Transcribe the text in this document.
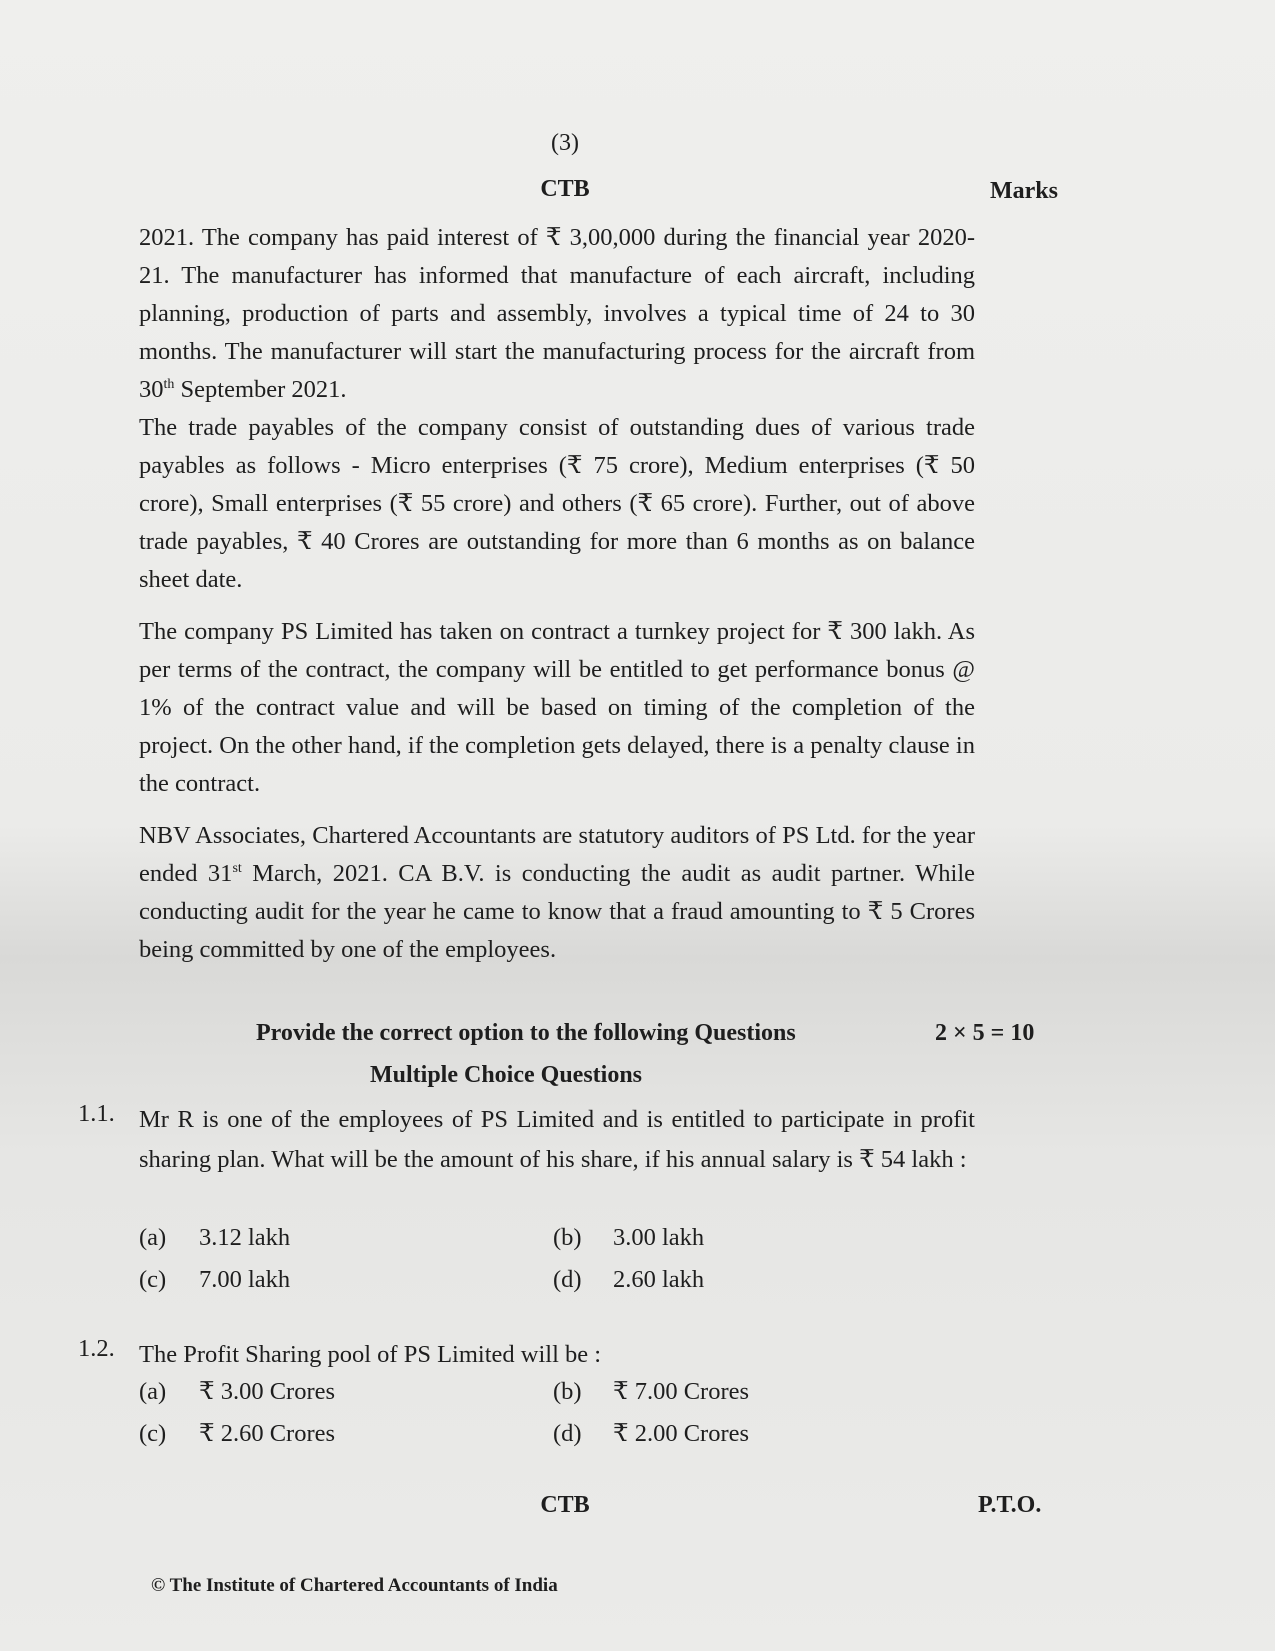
(3)
CTB	Marks

2021. The company has paid interest of ₹ 3,00,000 during the financial year 2020-21. The manufacturer has informed that manufacture of each aircraft, including planning, production of parts and assembly, involves a typical time of 24 to 30 months. The manufacturer will start the manufacturing process for the aircraft from 30th September 2021.

The trade payables of the company consist of outstanding dues of various trade payables as follows - Micro enterprises (₹ 75 crore), Medium enterprises (₹ 50 crore), Small enterprises (₹ 55 crore) and others (₹ 65 crore). Further, out of above trade payables, ₹ 40 Crores are outstanding for more than 6 months as on balance sheet date.

The company PS Limited has taken on contract a turnkey project for ₹ 300 lakh. As per terms of the contract, the company will be entitled to get performance bonus @ 1% of the contract value and will be based on timing of the completion of the project. On the other hand, if the completion gets delayed, there is a penalty clause in the contract.

NBV Associates, Chartered Accountants are statutory auditors of PS Ltd. for the year ended 31st March, 2021. CA B.V. is conducting the audit as audit partner. While conducting audit for the year he came to know that a fraud amounting to ₹ 5 Crores being committed by one of the employees.

Provide the correct option to the following Questions	2 × 5 = 10
Multiple Choice Questions
1.1. Mr R is one of the employees of PS Limited and is entitled to participate in profit sharing plan. What will be the amount of his share, if his annual salary is ₹ 54 lakh :

(a) 3.12 lakh	(b) 3.00 lakh
(c) 7.00 lakh	(d) 2.60 lakh
1.2. The Profit Sharing pool of PS Limited will be :

(a) ₹ 3.00 Crores	(b) ₹ 7.00 Crores
(c) ₹ 2.60 Crores	(d) ₹ 2.00 Crores
CTB	P.T.O.
© The Institute of Chartered Accountants of India
